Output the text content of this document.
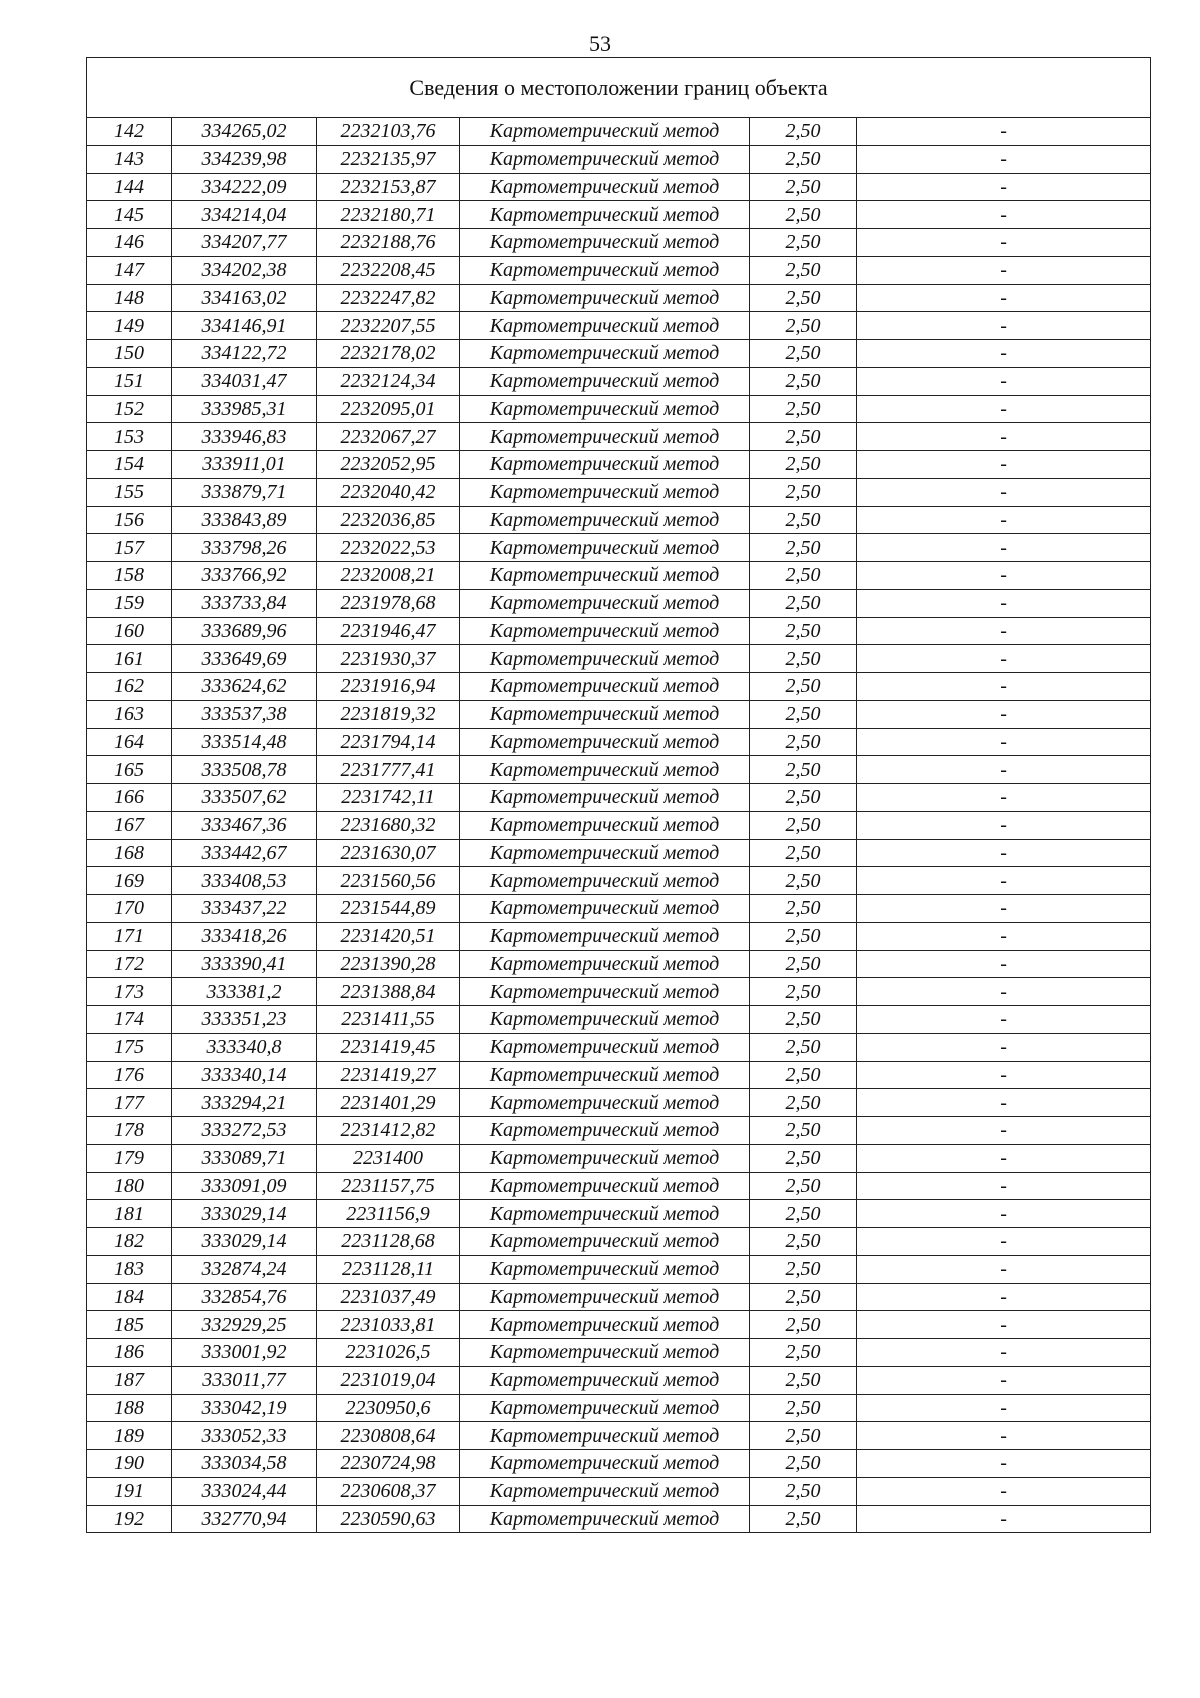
53
Сведения о местоположении границ объекта					
142	334265,02	2232103,76	Картометрический метод	2,50	-
143	334239,98	2232135,97	Картометрический метод	2,50	-
144	334222,09	2232153,87	Картометрический метод	2,50	-
145	334214,04	2232180,71	Картометрический метод	2,50	-
146	334207,77	2232188,76	Картометрический метод	2,50	-
147	334202,38	2232208,45	Картометрический метод	2,50	-
148	334163,02	2232247,82	Картометрический метод	2,50	-
149	334146,91	2232207,55	Картометрический метод	2,50	-
150	334122,72	2232178,02	Картометрический метод	2,50	-
151	334031,47	2232124,34	Картометрический метод	2,50	-
152	333985,31	2232095,01	Картометрический метод	2,50	-
153	333946,83	2232067,27	Картометрический метод	2,50	-
154	333911,01	2232052,95	Картометрический метод	2,50	-
155	333879,71	2232040,42	Картометрический метод	2,50	-
156	333843,89	2232036,85	Картометрический метод	2,50	-
157	333798,26	2232022,53	Картометрический метод	2,50	-
158	333766,92	2232008,21	Картометрический метод	2,50	-
159	333733,84	2231978,68	Картометрический метод	2,50	-
160	333689,96	2231946,47	Картометрический метод	2,50	-
161	333649,69	2231930,37	Картометрический метод	2,50	-
162	333624,62	2231916,94	Картометрический метод	2,50	-
163	333537,38	2231819,32	Картометрический метод	2,50	-
164	333514,48	2231794,14	Картометрический метод	2,50	-
165	333508,78	2231777,41	Картометрический метод	2,50	-
166	333507,62	2231742,11	Картометрический метод	2,50	-
167	333467,36	2231680,32	Картометрический метод	2,50	-
168	333442,67	2231630,07	Картометрический метод	2,50	-
169	333408,53	2231560,56	Картометрический метод	2,50	-
170	333437,22	2231544,89	Картометрический метод	2,50	-
171	333418,26	2231420,51	Картометрический метод	2,50	-
172	333390,41	2231390,28	Картометрический метод	2,50	-
173	333381,2	2231388,84	Картометрический метод	2,50	-
174	333351,23	2231411,55	Картометрический метод	2,50	-
175	333340,8	2231419,45	Картометрический метод	2,50	-
176	333340,14	2231419,27	Картометрический метод	2,50	-
177	333294,21	2231401,29	Картометрический метод	2,50	-
178	333272,53	2231412,82	Картометрический метод	2,50	-
179	333089,71	2231400	Картометрический метод	2,50	-
180	333091,09	2231157,75	Картометрический метод	2,50	-
181	333029,14	2231156,9	Картометрический метод	2,50	-
182	333029,14	2231128,68	Картометрический метод	2,50	-
183	332874,24	2231128,11	Картометрический метод	2,50	-
184	332854,76	2231037,49	Картометрический метод	2,50	-
185	332929,25	2231033,81	Картометрический метод	2,50	-
186	333001,92	2231026,5	Картометрический метод	2,50	-
187	333011,77	2231019,04	Картометрический метод	2,50	-
188	333042,19	2230950,6	Картометрический метод	2,50	-
189	333052,33	2230808,64	Картометрический метод	2,50	-
190	333034,58	2230724,98	Картометрический метод	2,50	-
191	333024,44	2230608,37	Картометрический метод	2,50	-
192	332770,94	2230590,63	Картометрический метод	2,50	-
